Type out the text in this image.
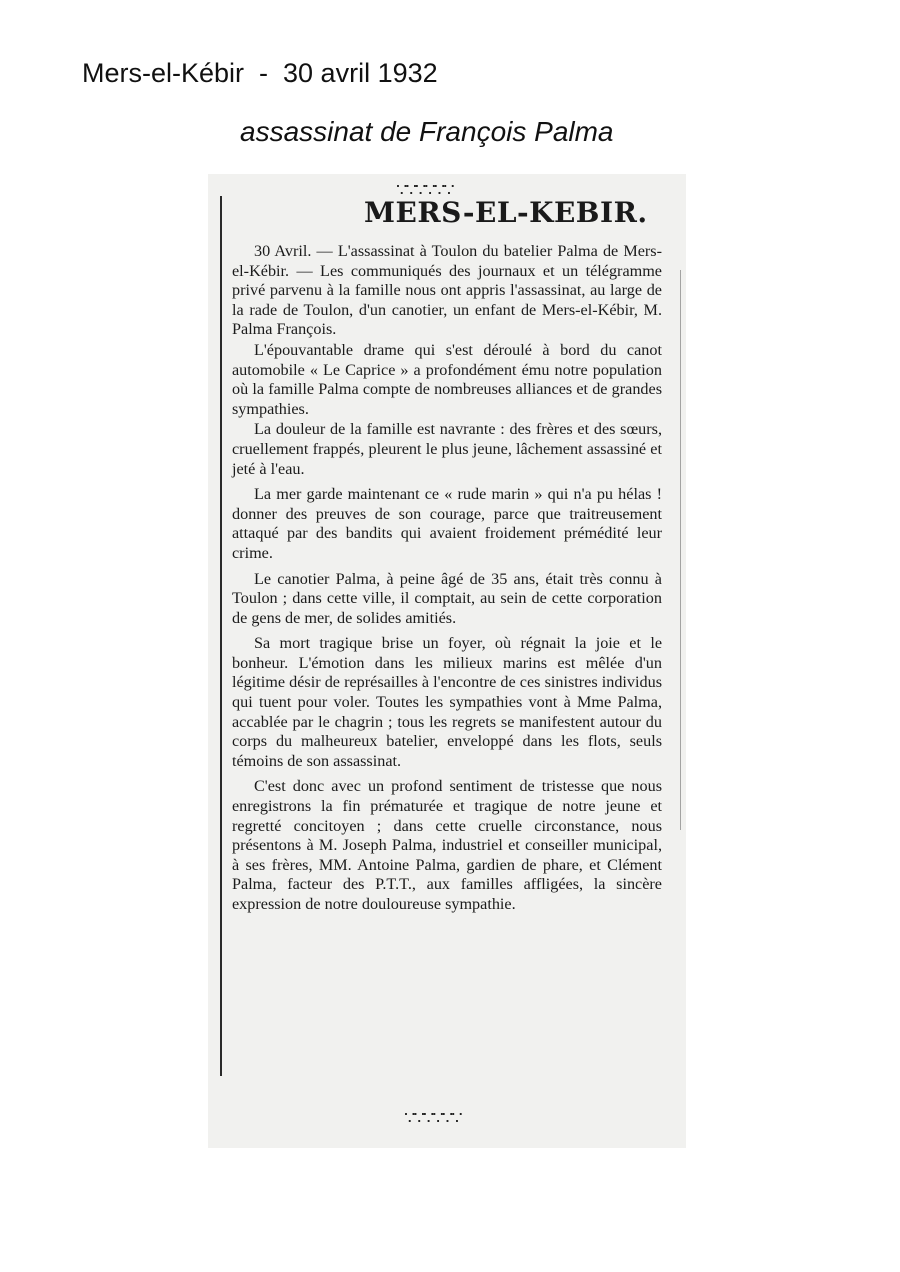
Mers-el-Kébir  -  30 avril 1932
assassinat de François Palma
∵∵∵∵∵∵
MERS-EL-KEBIR.

30 Avril. — L'assassinat à Toulon du batelier Palma de Mers-el-Kébir. — Les communiqués des journaux et un télégramme privé parvenu à la famille nous ont appris l'assassinat, au large de la rade de Toulon, d'un canotier, un enfant de Mers-el-Kébir, M. Palma François.

L'épouvantable drame qui s'est déroulé à bord du canot automobile « Le Caprice » a profondément ému notre population où la famille Palma compte de nombreuses alliances et de grandes sympathies.

La douleur de la famille est navrante : des frères et des sœurs, cruellement frappés, pleurent le plus jeune, lâchement assassiné et jeté à l'eau.

La mer garde maintenant ce « rude marin » qui n'a pu hélas ! donner des preuves de son courage, parce que traitreusement attaqué par des bandits qui avaient froidement prémédité leur crime.

Le canotier Palma, à peine âgé de 35 ans, était très connu à Toulon ; dans cette ville, il comptait, au sein de cette corporation de gens de mer, de solides amitiés.

Sa mort tragique brise un foyer, où régnait la joie et le bonheur. L'émotion dans les milieux marins est mêlée d'un légitime désir de représailles à l'encontre de ces sinistres individus qui tuent pour voler. Toutes les sympathies vont à Mme Palma, accablée par le chagrin ; tous les regrets se manifestent autour du corps du malheureux batelier, enveloppé dans les flots, seuls témoins de son assassinat.

C'est donc avec un profond sentiment de tristesse que nous enregistrons la fin prématurée et tragique de notre jeune et regretté concitoyen ; dans cette cruelle circonstance, nous présentons à M. Joseph Palma, industriel et conseiller municipal, à ses frères, MM. Antoine Palma, gardien de phare, et Clément Palma, facteur des P.T.T., aux familles affligées, la sincère expression de notre douloureuse sympathie.

∵∵∵∵∵∵
